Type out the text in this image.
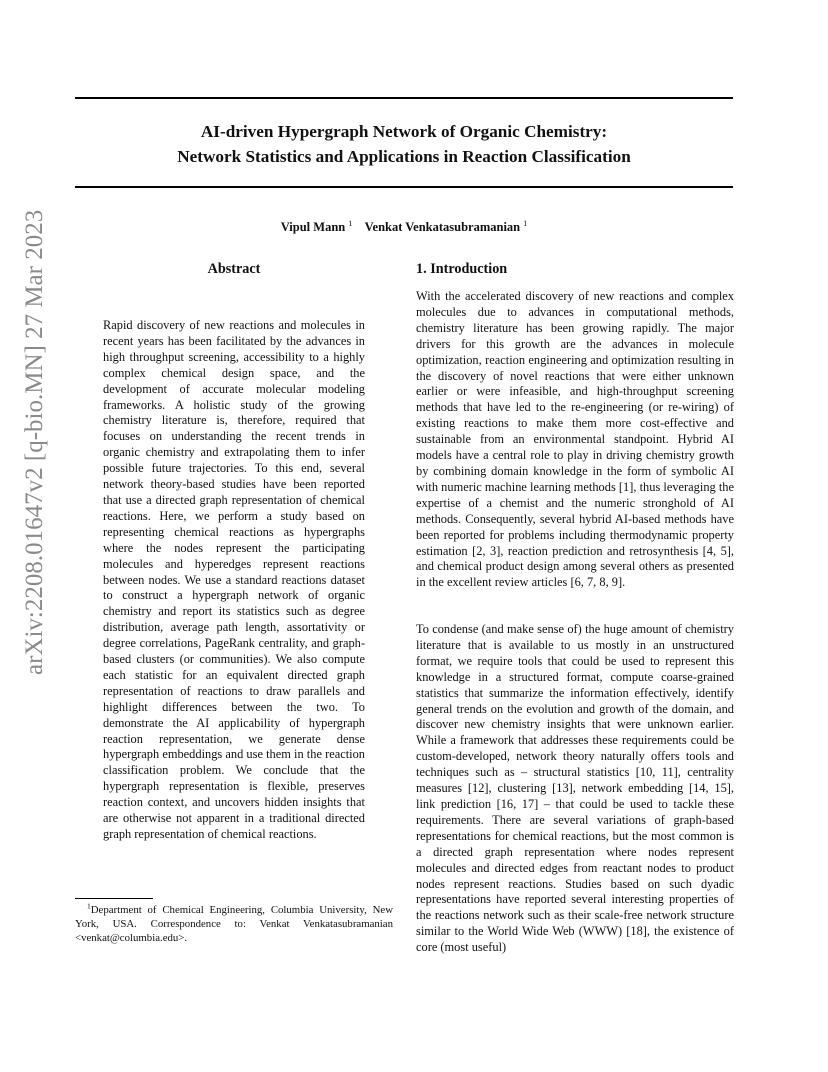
AI-driven Hypergraph Network of Organic Chemistry:
Network Statistics and Applications in Reaction Classification
Vipul Mann $^1$ Venkat Venkatasubramanian $^1$
arXiv:2208.01647v2 [q-bio.MN] 27 Mar 2023	Abstract

Rapid discovery of new reactions and molecules in recent years has been facilitated by the advances in high throughput screening, accessibility to a highly complex chemical design space, and the development of accurate molecular modeling frameworks. A holistic study of the growing chemistry literature is, therefore, required that focuses on understanding the recent trends in organic chemistry and extrapolating them to infer possible future trajectories. To this end, several network theory-based studies have been reported that use a directed graph representation of chemical reactions. Here, we perform a study based on representing chemical reactions as hypergraphs where the nodes represent the participating molecules and hyperedges represent reactions between nodes. We use a standard reactions dataset to construct a hypergraph network of organic chemistry and report its statistics such as degree distribution, average path length, assortativity or degree correlations, PageRank centrality, and graph-based clusters (or communities). We also compute each statistic for an equivalent directed graph representation of reactions to draw parallels and highlight differences between the two. To demonstrate the AI applicability of hypergraph reaction representation, we generate dense hypergraph embeddings and use them in the reaction classification problem. We conclude that the hypergraph representation is flexible, preserves reaction context, and uncovers hidden insights that are otherwise not apparent in a traditional directed graph representation of chemical reactions.

1. Introduction

With the accelerated discovery of new reactions and complex molecules due to advances in computational methods, chemistry literature has been growing rapidly. The major drivers for this growth are the advances in molecule optimization, reaction engineering and optimization resulting in the discovery of novel reactions that were either unknown earlier or were infeasible, and high-throughput screening methods that have led to the re-engineering (or re-wiring) of existing reactions to make them more cost-effective and sustainable from an environmental standpoint. Hybrid AI models have a central role to play in driving chemistry growth by combining domain knowledge in the form of symbolic AI with numeric machine learning methods [1], thus leveraging the expertise of a chemist and the numeric stronghold of AI methods. Consequently, several hybrid AI-based methods have been reported for problems including thermodynamic property estimation [2, 3], reaction prediction and retrosynthesis [4, 5], and chemical product design among several others as presented in the excellent review articles [6, 7, 8, 9].

To condense (and make sense of) the huge amount of chemistry literature that is available to us mostly in an unstructured format, we require tools that could be used to represent this knowledge in a structured format, compute coarse-grained statistics that summarize the information effectively, identify general trends on the evolution and growth of the domain, and discover new chemistry insights that were unknown earlier. While a framework that addresses these requirements could be custom-developed, network theory naturally offers tools and techniques such as – structural statistics [10, 11], centrality measures [12], clustering [13], network embedding [14, 15], link prediction [16, 17] – that could be used to tackle these requirements. There are several variations of graph-based representations for chemical reactions, but the most common is a directed graph representation where nodes represent molecules and directed edges from reactant nodes to product nodes represent reactions. Studies based on such dyadic representations have reported several interesting properties of the reactions network such as their scale-free network structure similar to the World Wide Web (WWW) [18], the existence of core (most useful)

$^1$Department of Chemical Engineering, Columbia University, New York, USA. Correspondence to: Venkat Venkatasubramanian <venkat@columbia.edu>.
